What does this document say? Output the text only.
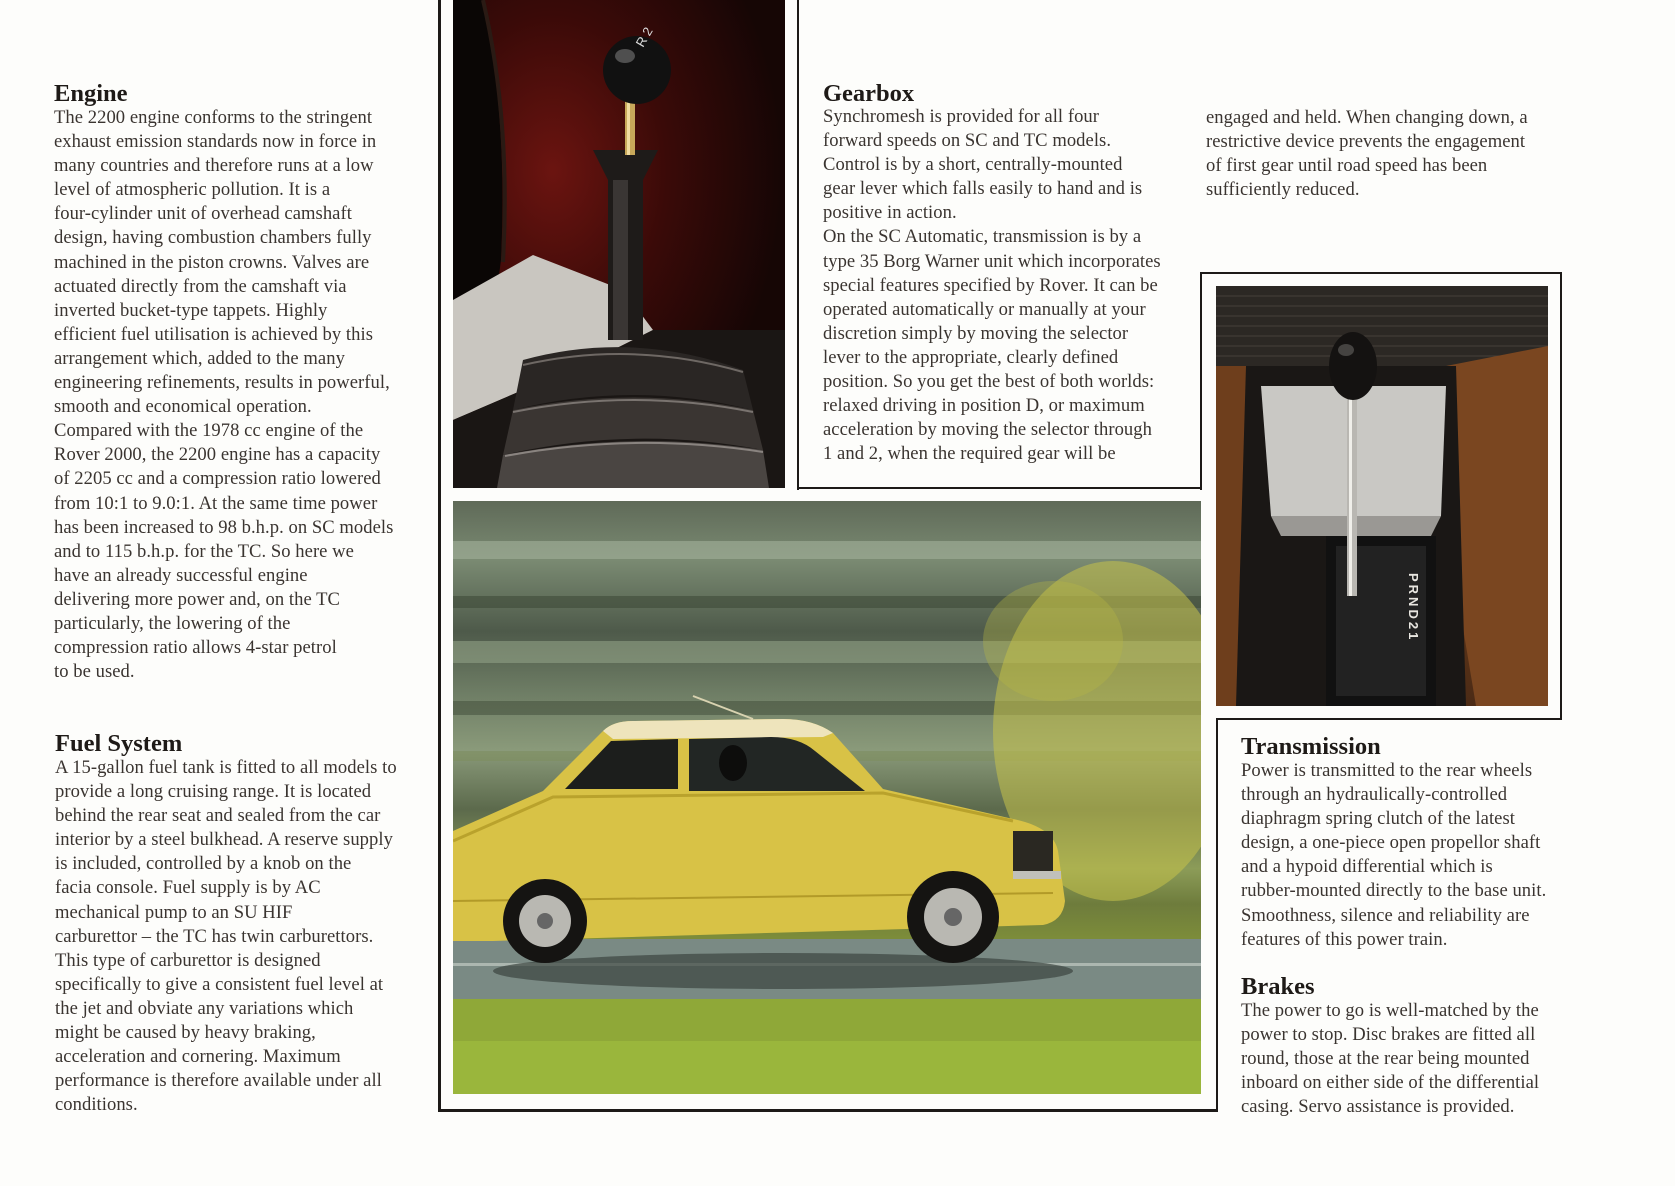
Engine
The 2200 engine conforms to the stringent
exhaust emission standards now in force in
many countries and therefore runs at a low
level of atmospheric pollution. It is a
four-cylinder unit of overhead camshaft
design, having combustion chambers fully
machined in the piston crowns. Valves are
actuated directly from the camshaft via
inverted bucket-type tappets. Highly
efficient fuel utilisation is achieved by this
arrangement which, added to the many
engineering refinements, results in powerful,
smooth and economical operation.
Compared with the 1978 cc engine of the
Rover 2000, the 2200 engine has a capacity
of 2205 cc and a compression ratio lowered
from 10:1 to 9.0:1. At the same time power
has been increased to 98 b.h.p. on SC models
and to 115 b.h.p. for the TC. So here we
have an already successful engine
delivering more power and, on the TC
particularly, the lowering of the
compression ratio allows 4-star petrol
to be used.
Fuel System
A 15-gallon fuel tank is fitted to all models to
provide a long cruising range. It is located
behind the rear seat and sealed from the car
interior by a steel bulkhead. A reserve supply
is included, controlled by a knob on the
facia console. Fuel supply is by AC
mechanical pump to an SU HIF
carburettor – the TC has twin carburettors.
This type of carburettor is designed
specifically to give a consistent fuel level at
the jet and obviate any variations which
might be caused by heavy braking,
acceleration and cornering. Maximum
performance is therefore available under all
conditions.
Gearbox
Synchromesh is provided for all four
forward speeds on SC and TC models.
Control is by a short, centrally-mounted
gear lever which falls easily to hand and is
positive in action.
On the SC Automatic, transmission is by a
type 35 Borg Warner unit which incorporates
special features specified by Rover. It can be
operated automatically or manually at your
discretion simply by moving the selector
lever to the appropriate, clearly defined
position. So you get the best of both worlds:
relaxed driving in position D, or maximum
acceleration by moving the selector through
1 and 2, when the required gear will be
engaged and held. When changing down, a
restrictive device prevents the engagement
of first gear until road speed has been
sufficiently reduced.
Transmission
Power is transmitted to the rear wheels
through an hydraulically-controlled
diaphragm spring clutch of the latest
design, a one-piece open propellor shaft
and a hypoid differential which is
rubber-mounted directly to the base unit.
Smoothness, silence and reliability are
features of this power train.
Brakes
The power to go is well-matched by the
power to stop. Disc brakes are fitted all
round, those at the rear being mounted
inboard on either side of the differential
casing. Servo assistance is provided.
R 2
PRND21
